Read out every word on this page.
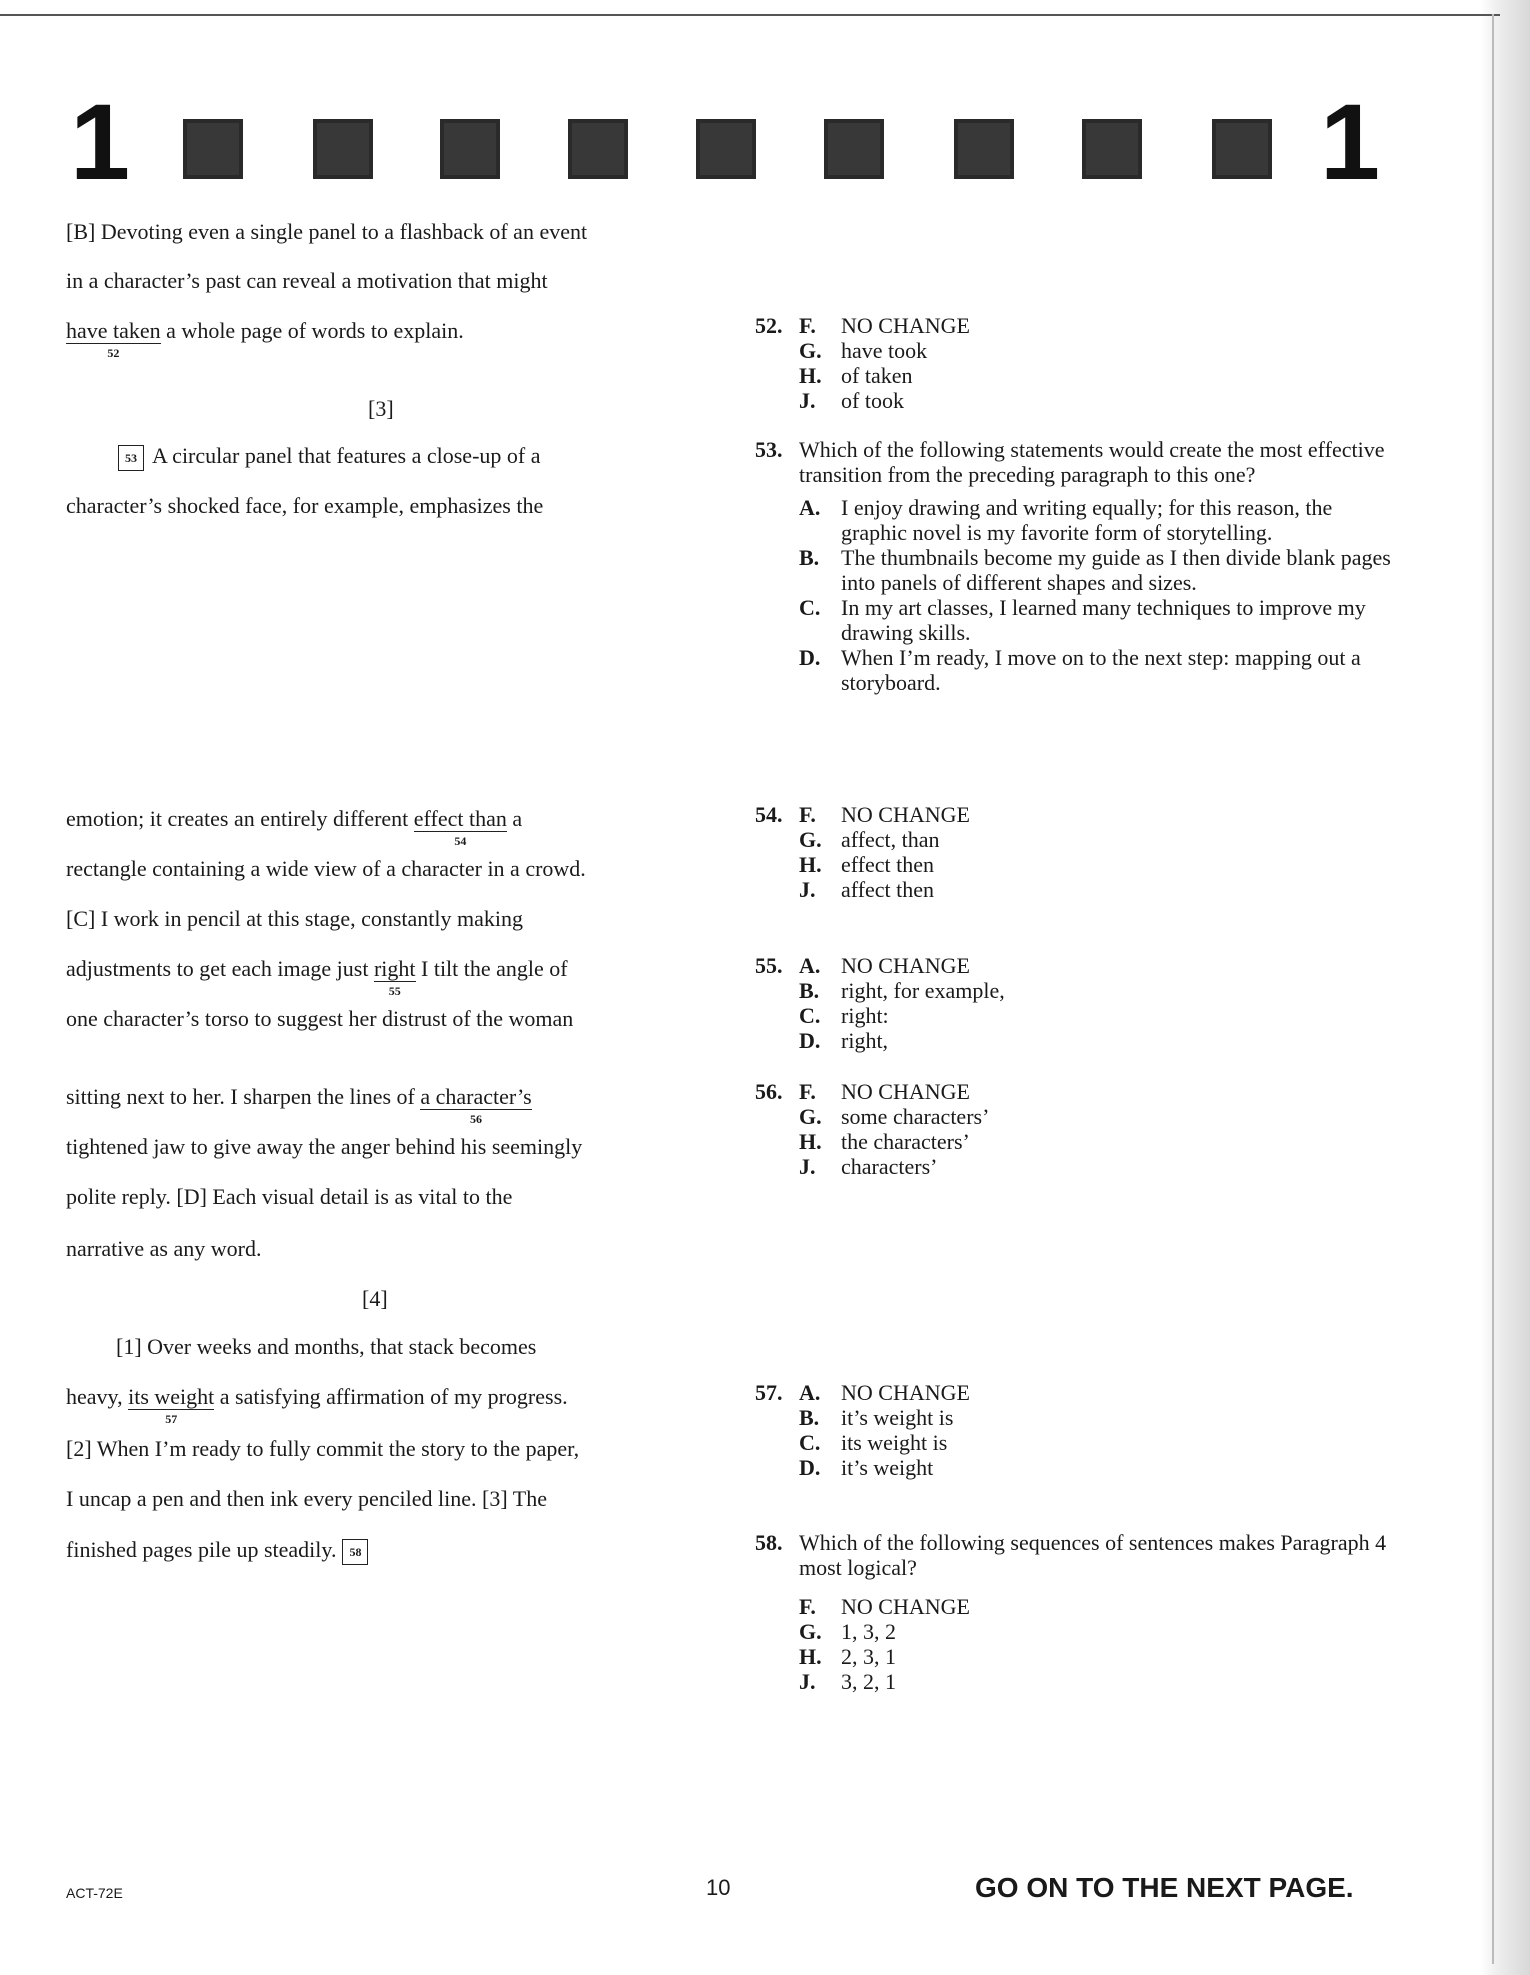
1	1
[B] Devoting even a single panel to a flashback of an event
in a character’s past can reveal a motivation that might
have taken
52
a whole page of words to explain.
[3]
53 A circular panel that features a close-up of a
character’s shocked face, for example, emphasizes the
emotion; it creates an entirely different effect than
54
a
rectangle containing a wide view of a character in a crowd.
[C] I work in pencil at this stage, constantly making
adjustments to get each image just right
55
I tilt the angle of
one character’s torso to suggest her distrust of the woman
sitting next to her. I sharpen the lines of a character’s
56
tightened jaw to give away the anger behind his seemingly
polite reply. [D] Each visual detail is as vital to the
narrative as any word.
[4]
[1] Over weeks and months, that stack becomes
heavy, its weight
57
a satisfying affirmation of my progress.
[2] When I’m ready to fully commit the story to the paper,
I uncap a pen and then ink every penciled line. [3] The
finished pages pile up steadily. 58
52. F.	NO CHANGE
G. have took
H. of taken
J.	of took
53. Which of the following statements would create the most effective transition from the preceding paragraph to this one?
A. I enjoy drawing and writing equally; for this reason, the graphic novel is my favorite form of storytelling.
B. The thumbnails become my guide as I then divide blank pages into panels of different shapes and sizes.
C. In my art classes, I learned many techniques to improve my drawing skills.
D. When I’m ready, I move on to the next step: mapping out a storyboard.
54. F.	NO CHANGE
G. affect, than
H. effect then
J.	affect then
55. A. NO CHANGE
B. right, for example,
C. right:
D. right,
56. F.	NO CHANGE
G. some characters’
H. the characters’
J.	characters’
57. A. NO CHANGE
B. it’s weight is
C. its weight is
D. it’s weight
58. Which of the following sequences of sentences makes Paragraph 4 most logical?
F.	NO CHANGE
G. 1, 3, 2
H. 2, 3, 1
J.	3, 2, 1
ACT-72E	10	GO ON TO THE NEXT PAGE.
